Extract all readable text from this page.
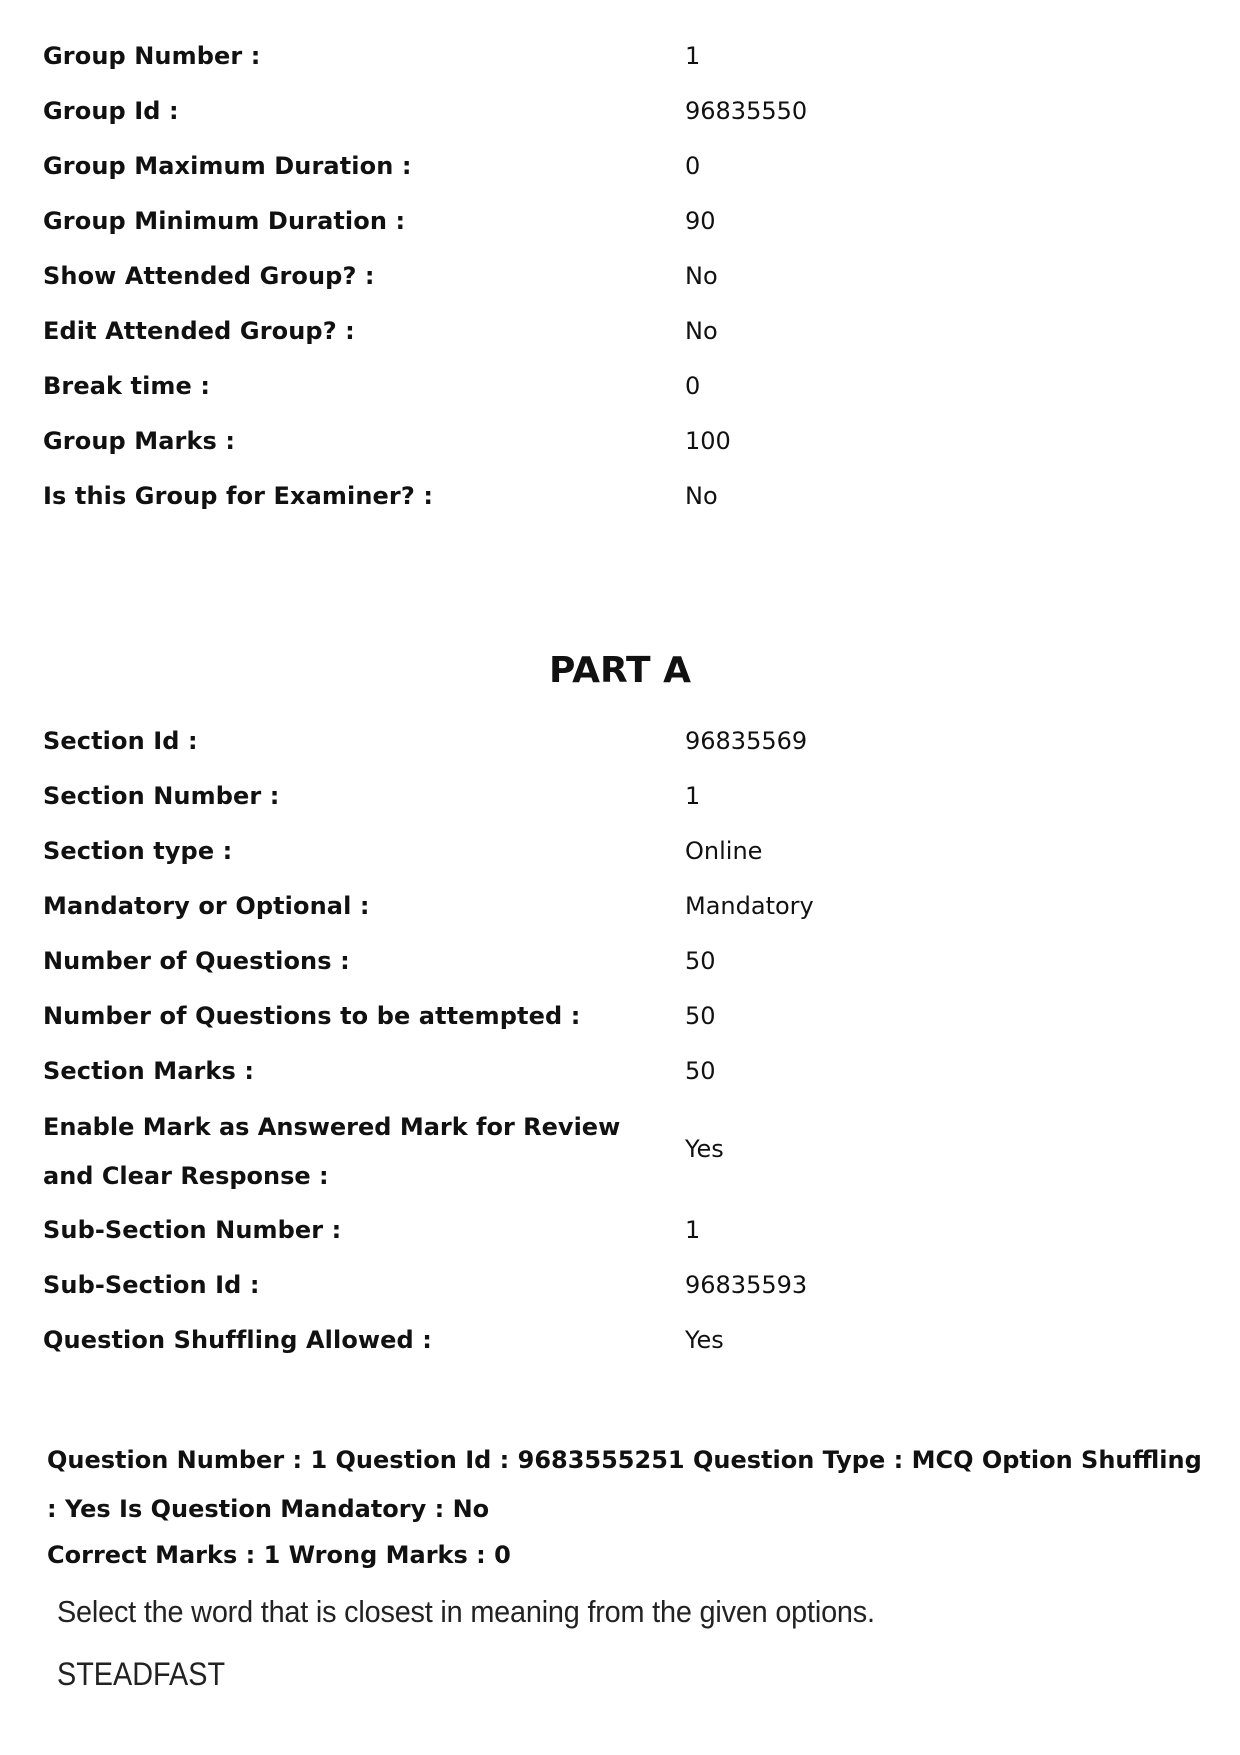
Group Number :	1
Group Id :	96835550
Group Maximum Duration :	0
Group Minimum Duration :	90
Show Attended Group? :	No
Edit Attended Group? :	No
Break time :	0
Group Marks :	100
Is this Group for Examiner? :	No
PART A
Section Id :	96835569
Section Number :	1
Section type :	Online
Mandatory or Optional :	Mandatory
Number of Questions :	50
Number of Questions to be attempted :	50
Section Marks :	50
Enable Mark as Answered Mark for Review and Clear Response :
Yes
Sub-Section Number :	1
Sub-Section Id :	96835593
Question Shuffling Allowed :	Yes
Question Number : 1 Question Id : 9683555251 Question Type : MCQ Option Shuffling : Yes Is Question Mandatory : No
Correct Marks : 1 Wrong Marks : 0
Select the word that is closest in meaning from the given options.
STEADFAST
